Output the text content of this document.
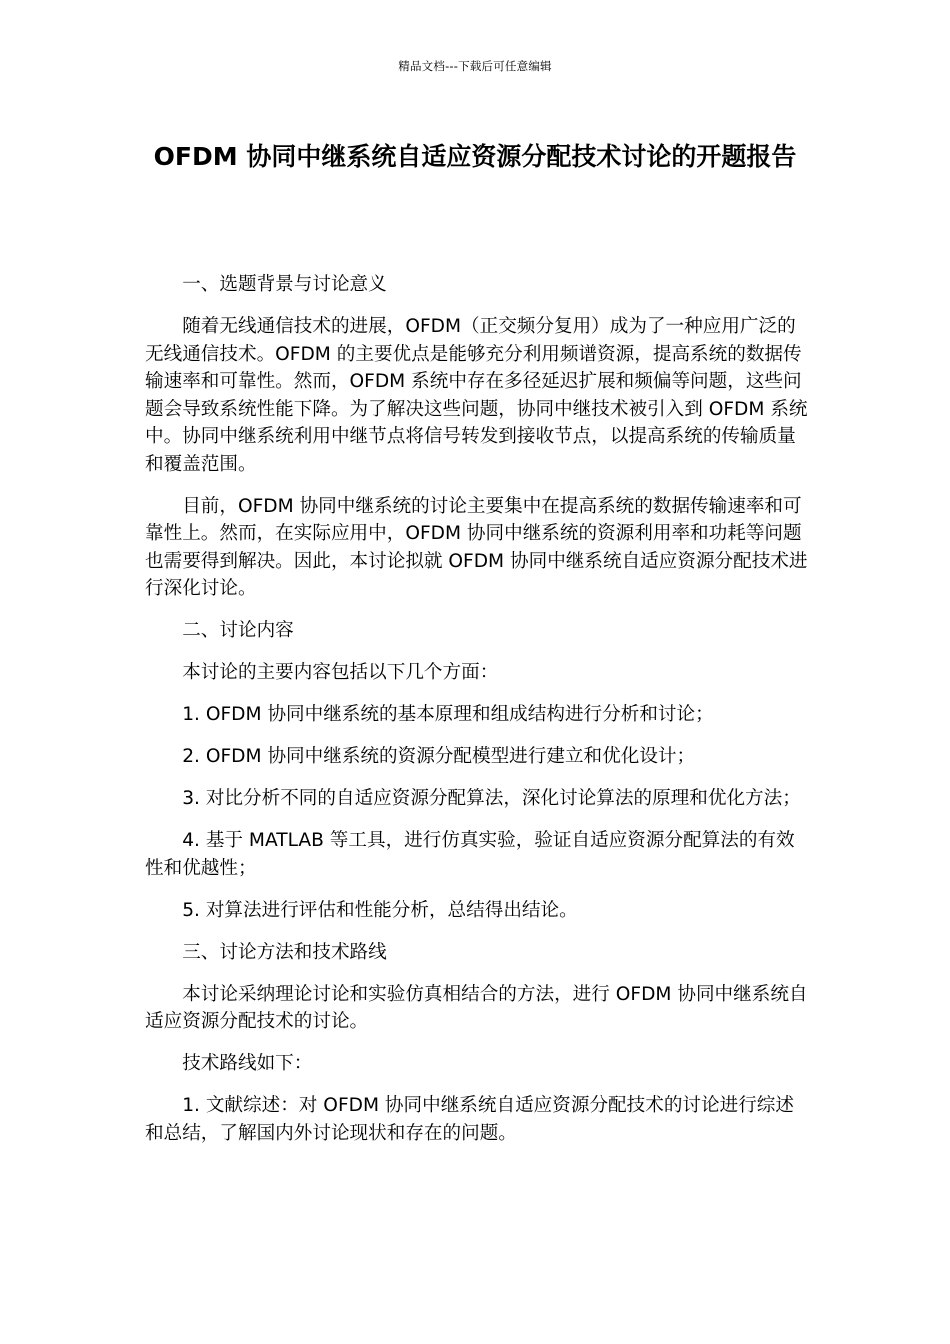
精品文档---下载后可任意编辑
OFDM 协同中继系统自适应资源分配技术讨论的开题报告

一、选题背景与讨论意义

随着无线通信技术的进展，OFDM（正交频分复用）成为了一种应用广泛的无线通信技术。OFDM 的主要优点是能够充分利用频谱资源，提高系统的数据传输速率和可靠性。然而，OFDM 系统中存在多径延迟扩展和频偏等问题，这些问题会导致系统性能下降。为了解决这些问题，协同中继技术被引入到 OFDM 系统中。协同中继系统利用中继节点将信号转发到接收节点，以提高系统的传输质量和覆盖范围。

目前，OFDM 协同中继系统的讨论主要集中在提高系统的数据传输速率和可靠性上。然而，在实际应用中，OFDM 协同中继系统的资源利用率和功耗等问题也需要得到解决。因此，本讨论拟就 OFDM 协同中继系统自适应资源分配技术进行深化讨论。

二、讨论内容

本讨论的主要内容包括以下几个方面：

1. OFDM 协同中继系统的基本原理和组成结构进行分析和讨论；

2. OFDM 协同中继系统的资源分配模型进行建立和优化设计；

3. 对比分析不同的自适应资源分配算法，深化讨论算法的原理和优化方法；

4. 基于 MATLAB 等工具，进行仿真实验，验证自适应资源分配算法的有效性和优越性；

5. 对算法进行评估和性能分析，总结得出结论。

三、讨论方法和技术路线

本讨论采纳理论讨论和实验仿真相结合的方法，进行 OFDM 协同中继系统自适应资源分配技术的讨论。

技术路线如下：

1. 文献综述：对 OFDM 协同中继系统自适应资源分配技术的讨论进行综述和总结，了解国内外讨论现状和存在的问题。
